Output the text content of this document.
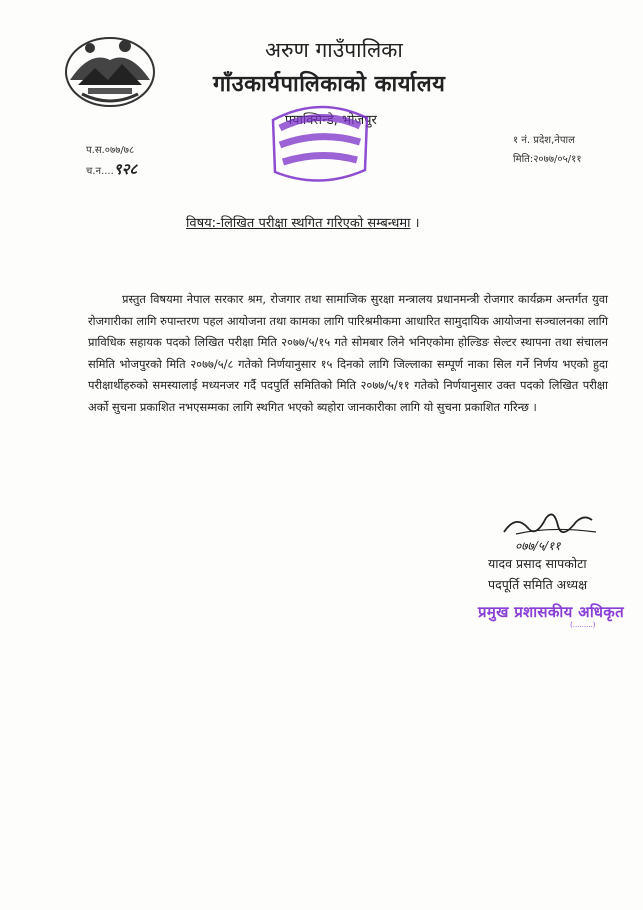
अरुण गाउँपालिका
गाँउकार्यपालिकाको कार्यालय
फ्याक्सिन्डे, भोजपुर
प.स.०७७/७८
च.न....९२८
१ नं. प्रदेश,नेपाल
मिति:२०७७/०५/११
विषय:-लिखित परीक्षा स्थगित गरिएको सम्बन्धमा ।

प्रस्तुत विषयमा नेपाल सरकार श्रम, रोजगार तथा सामाजिक सुरक्षा मन्त्रालय प्रधानमन्त्री रोजगार कार्यक्रम अन्तर्गत युवा रोजगारीका लागि रुपान्तरण पहल आयोजना तथा कामका लागि पारिश्रमीकमा आधारित सामुदायिक आयोजना सञ्चालनका लागि प्राविधिक सहायक पदको लिखित परीक्षा मिति २०७७/५/१५ गते सोमबार लिने भनिएकोमा होल्डिङ सेल्टर स्थापना तथा संचालन समिति भोजपुरको मिति २०७७/५/८ गतेको निर्णयानुसार १५ दिनको लागि जिल्लाका सम्पूर्ण नाका सिल गर्ने निर्णय भएको हुदा परीक्षार्थीहरुको समस्यालाई मध्यनजर गर्दै पदपुर्ति समितिको मिति २०७७/५/११ गतेको निर्णयानुसार उक्त पदको लिखित परीक्षा अर्को सुचना प्रकाशित नभएसम्मका लागि स्थगित भएको ब्यहोरा जानकारीका लागि यो सुचना प्रकाशित गरिन्छ ।

०७७/५/११
यादव प्रसाद सापकोटा
पदपूर्ति समिति अध्यक्ष
प्रमुख प्रशासकीय अधिकृत
(.........)
